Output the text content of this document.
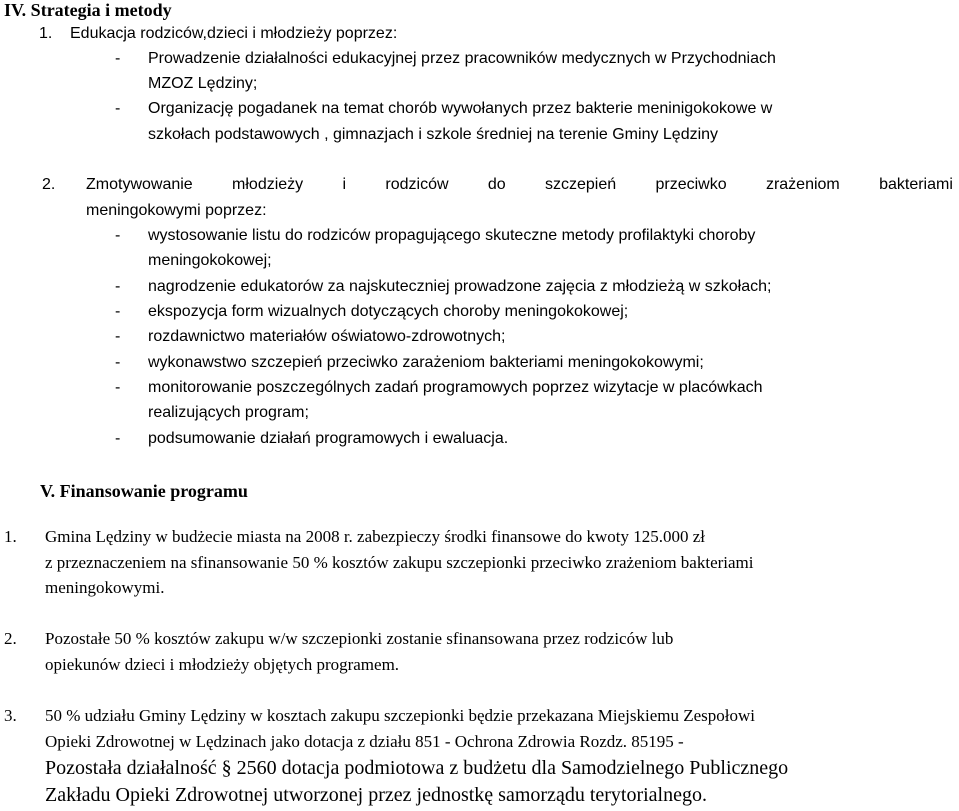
IV. Strategia i metody
1. Edukacja rodziców,dzieci i młodzieży poprzez:
- Prowadzenie działalności edukacyjnej przez pracowników medycznych w Przychodniach
MZOZ Lędziny;
- Organizację pogadanek na temat chorób wywołanych przez bakterie meninigokokowe w
szkołach podstawowych , gimnazjach i szkole średniej na terenie Gminy Lędziny
2. Zmotywowanie młodzieży i rodziców do szczepień przeciwko zrażeniom bakteriami
meningokowymi poprzez:
- wystosowanie listu do rodziców propagującego skuteczne metody profilaktyki choroby
meningokokowej;
- nagrodzenie edukatorów za najskuteczniej prowadzone zajęcia z młodzieżą w szkołach;
- ekspozycja form wizualnych dotyczących choroby meningokokowej;
- rozdawnictwo materiałów oświatowo-zdrowotnych;
- wykonawstwo szczepień przeciwko zarażeniom bakteriami meningokokowymi;
- monitorowanie poszczególnych zadań programowych poprzez wizytacje w placówkach
realizujących program;
- podsumowanie działań programowych i ewaluacja.
V. Finansowanie programu
1. Gmina Lędziny w budżecie miasta na 2008 r. zabezpieczy środki finansowe do kwoty 125.000 zł
z przeznaczeniem na sfinansowanie 50 % kosztów zakupu szczepionki przeciwko zrażeniom bakteriami
meningokowymi.
2. Pozostałe 50 % kosztów zakupu w/w szczepionki zostanie sfinansowana przez rodziców lub
opiekunów dzieci i młodzieży objętych programem.
3. 50 % udziału Gminy Lędziny w kosztach zakupu szczepionki będzie przekazana Miejskiemu Zespołowi
Opieki Zdrowotnej w Lędzinach jako dotacja z działu 851 - Ochrona Zdrowia Rozdz. 85195 -
Pozostała działalność § 2560 dotacja podmiotowa z budżetu dla Samodzielnego Publicznego
Zakładu Opieki Zdrowotnej utworzonej przez jednostkę samorządu terytorialnego.
